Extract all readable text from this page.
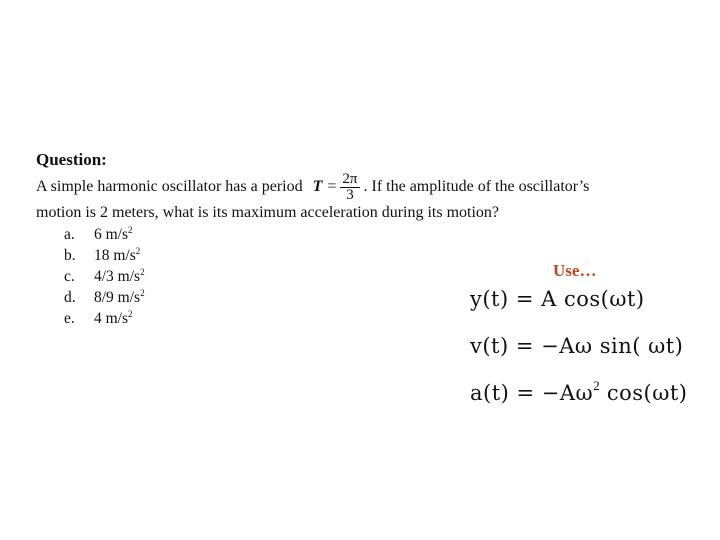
Question:
A simple harmonic oscillator has a period $T = \frac{2\pi}{3}$ . If the amplitude of the oscillator’s
motion is 2 meters, what is its maximum acceleration during its motion?
a.	6 $m/s^2$
b.	18 $m/s^2$
c.	4/3 $m/s^2$
d.	8/9 $m/s^2$
e.	4 $m/s^2$
Use…
y(t) = A cos(ωt)
v(t) = −Aω sin( ωt)
$a(t) = -A\omega^2$ cos(ωt)
